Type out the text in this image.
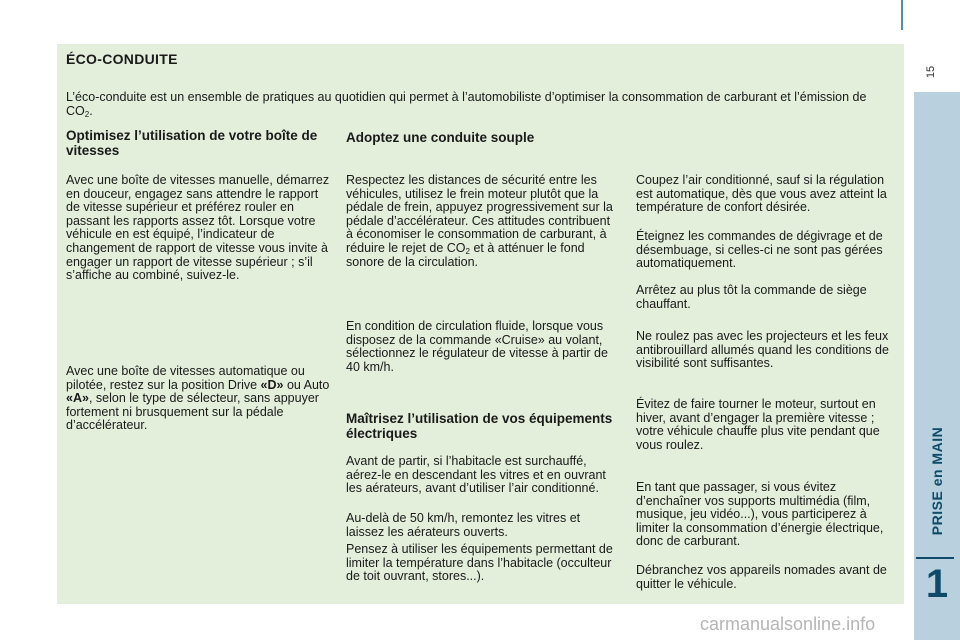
15
PRISE en MAIN
1
carmanualsonline.info
ÉCO-CONDUITE

L’éco-conduite est un ensemble de pratiques au quotidien qui permet à l’automobiliste d’optimiser la consommation de carburant et l’émission de $CO_2$.

Optimisez l’utilisation de votre boîte de vitesses

Avec une boîte de vitesses manuelle, démarrez en douceur, engagez sans attendre le rapport de vitesse supérieur et préférez rouler en passant les rapports assez tôt. Lorsque votre véhicule en est équipé, l’indicateur de changement de rapport de vitesse vous invite à engager un rapport de vitesse supérieur ; s’il s’affiche au combiné, suivez-le.

Avec une boîte de vitesses automatique ou pilotée, restez sur la position Drive «D» ou Auto «A», selon le type de sélecteur, sans appuyer fortement ni brusquement sur la pédale d’accélérateur.

Adoptez une conduite souple

Respectez les distances de sécurité entre les véhicules, utilisez le frein moteur plutôt que la pédale de frein, appuyez progressivement sur la pédale d’accélérateur. Ces attitudes contribuent à économiser le consommation de carburant, à réduire le rejet de $CO_2$ et à atténuer le fond sonore de la circulation.

En condition de circulation fluide, lorsque vous disposez de la commande «Cruise» au volant, sélectionnez le régulateur de vitesse à partir de 40 km/h.

Maîtrisez l’utilisation de vos équipements électriques

Avant de partir, si l’habitacle est surchauffé, aérez-le en descendant les vitres et en ouvrant les aérateurs, avant d’utiliser l’air conditionné.

Au-delà de 50 km/h, remontez les vitres et laissez les aérateurs ouverts.

Pensez à utiliser les équipements permettant de limiter la température dans l’habitacle (occulteur de toit ouvrant, stores...).

Coupez l’air conditionné, sauf si la régulation est automatique, dès que vous avez atteint la température de confort désirée.

Éteignez les commandes de dégivrage et de désembuage, si celles-ci ne sont pas gérées automatiquement.

Arrêtez au plus tôt la commande de siège chauffant.

Ne roulez pas avec les projecteurs et les feux antibrouillard allumés quand les conditions de visibilité sont suffisantes.

Évitez de faire tourner le moteur, surtout en hiver, avant d’engager la première vitesse ; votre véhicule chauffe plus vite pendant que vous roulez.

En tant que passager, si vous évitez d’enchaîner vos supports multimédia (film, musique, jeu vidéo...), vous participerez à limiter la consommation d’énergie électrique, donc de carburant.

Débranchez vos appareils nomades avant de quitter le véhicule.
